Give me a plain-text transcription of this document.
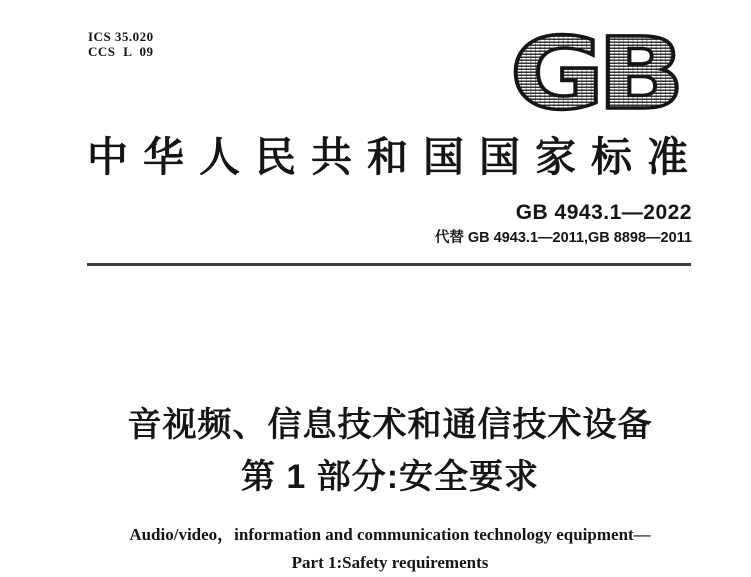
ICS 35.020
CCS L 09	GB
中华人民共和国国家标准
GB 4943.1—2022
代替 GB 4943.1—2011,GB 8898—2011
音视频、信息技术和通信技术设备
第 1 部分:安全要求
Audio/video，information and communication technology equipment—
Part 1:Safety requirements
